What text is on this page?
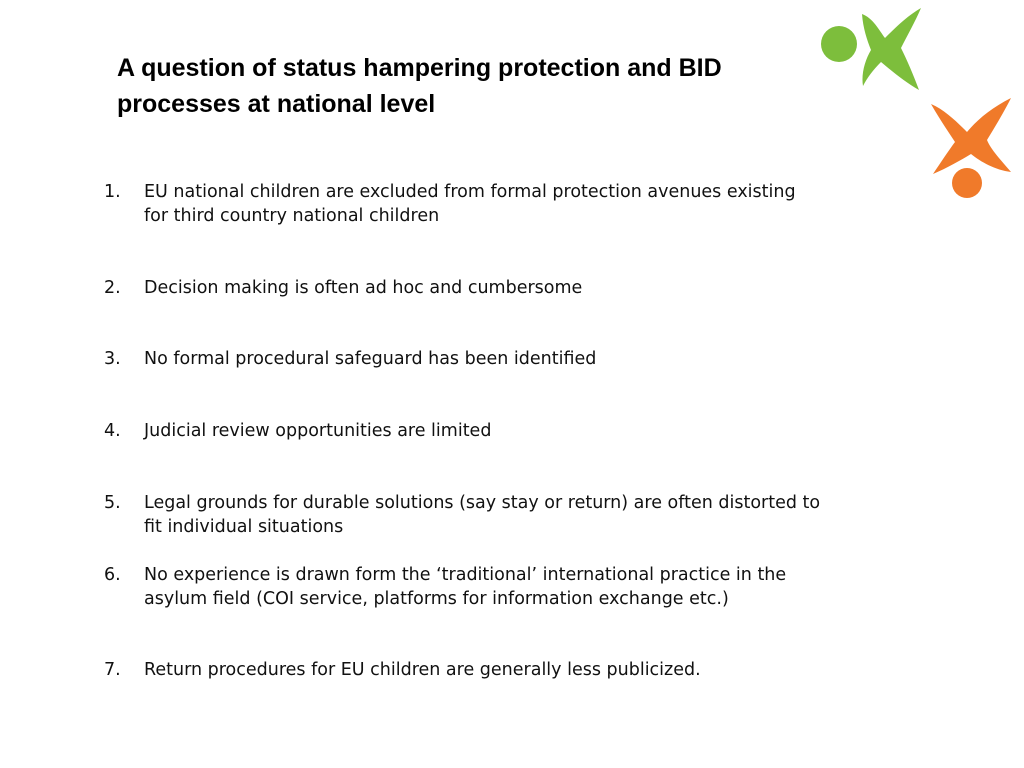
A question of status hampering protection and BID processes at national level
1.	EU national children are excluded from formal protection avenues existing for third country national children
2.	Decision making is often ad hoc and cumbersome
3.	No formal procedural safeguard has been identified
4.	Judicial review opportunities are limited
5.	Legal grounds for durable solutions (say stay or return) are often distorted to fit individual situations
6.	No experience is drawn form the ‘traditional’ international practice in the asylum field (COI service, platforms for information exchange etc.)
7.	Return procedures for EU children are generally less publicized.
